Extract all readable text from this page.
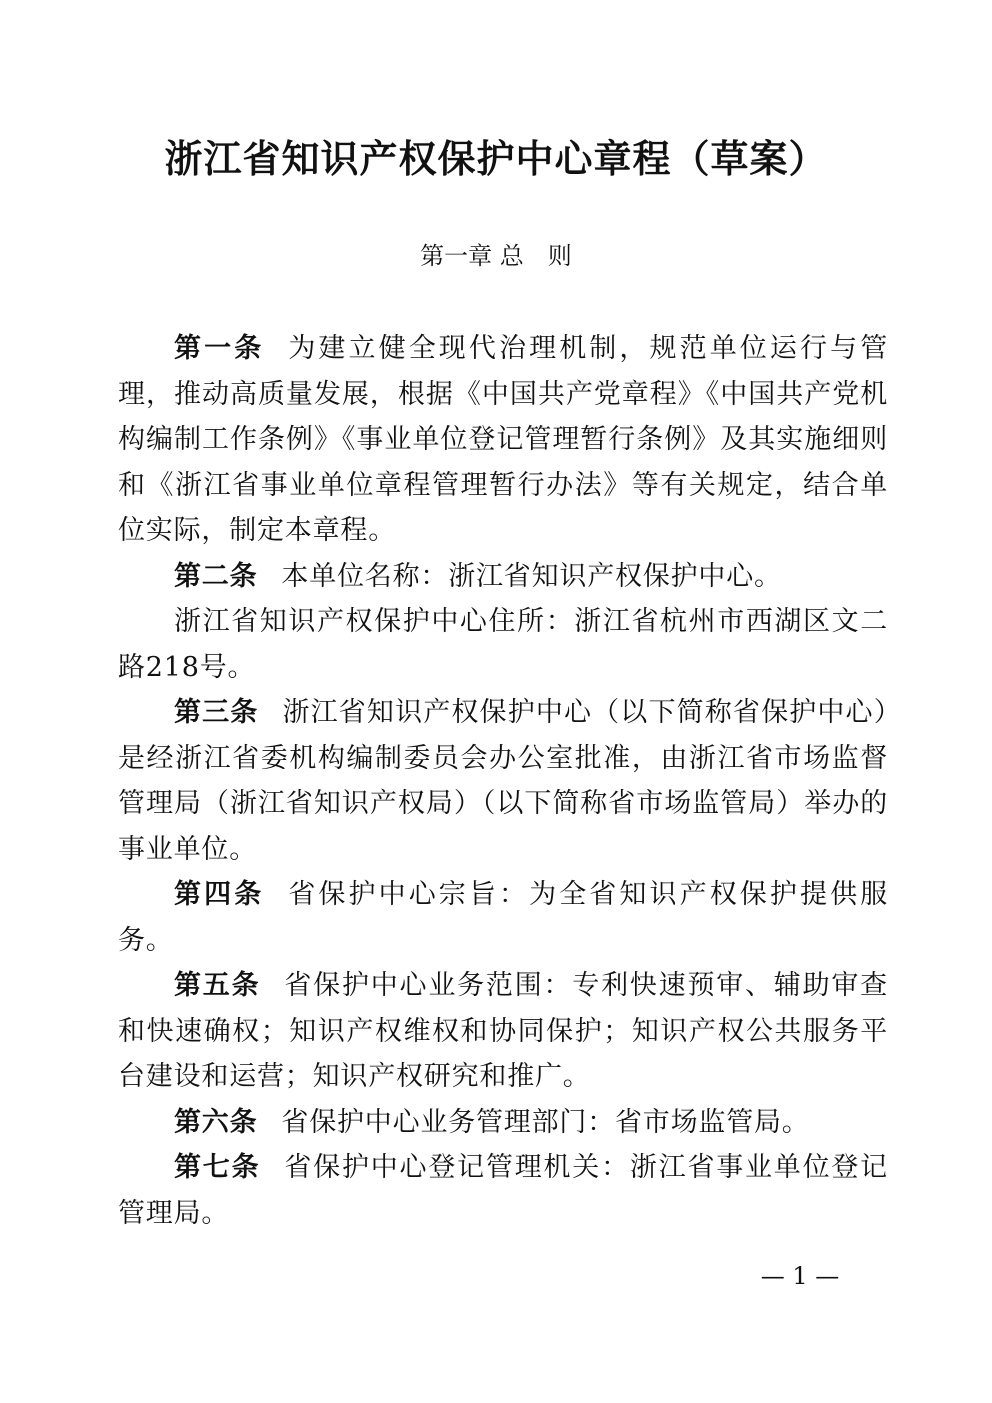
浙江省知识产权保护中心章程（草案）
第一章 总　则

第一条 为建立健全现代治理机制，规范单位运行与管理，推动高质量发展，根据《中国共产党章程》《中国共产党机构编制工作条例》《事业单位登记管理暂行条例》及其实施细则和《浙江省事业单位章程管理暂行办法》等有关规定，结合单位实际，制定本章程。

第二条 本单位名称：浙江省知识产权保护中心。

浙江省知识产权保护中心住所：浙江省杭州市西湖区文二路218号。

第三条 浙江省知识产权保护中心（以下简称省保护中心）是经浙江省委机构编制委员会办公室批准，由浙江省市场监督管理局（浙江省知识产权局）（以下简称省市场监管局）举办的事业单位。

第四条 省保护中心宗旨：为全省知识产权保护提供服务。

第五条 省保护中心业务范围：专利快速预审、辅助审查和快速确权；知识产权维权和协同保护；知识产权公共服务平台建设和运营；知识产权研究和推广。

第六条 省保护中心业务管理部门：省市场监管局。

第七条 省保护中心登记管理机关：浙江省事业单位登记管理局。

— 1 —
